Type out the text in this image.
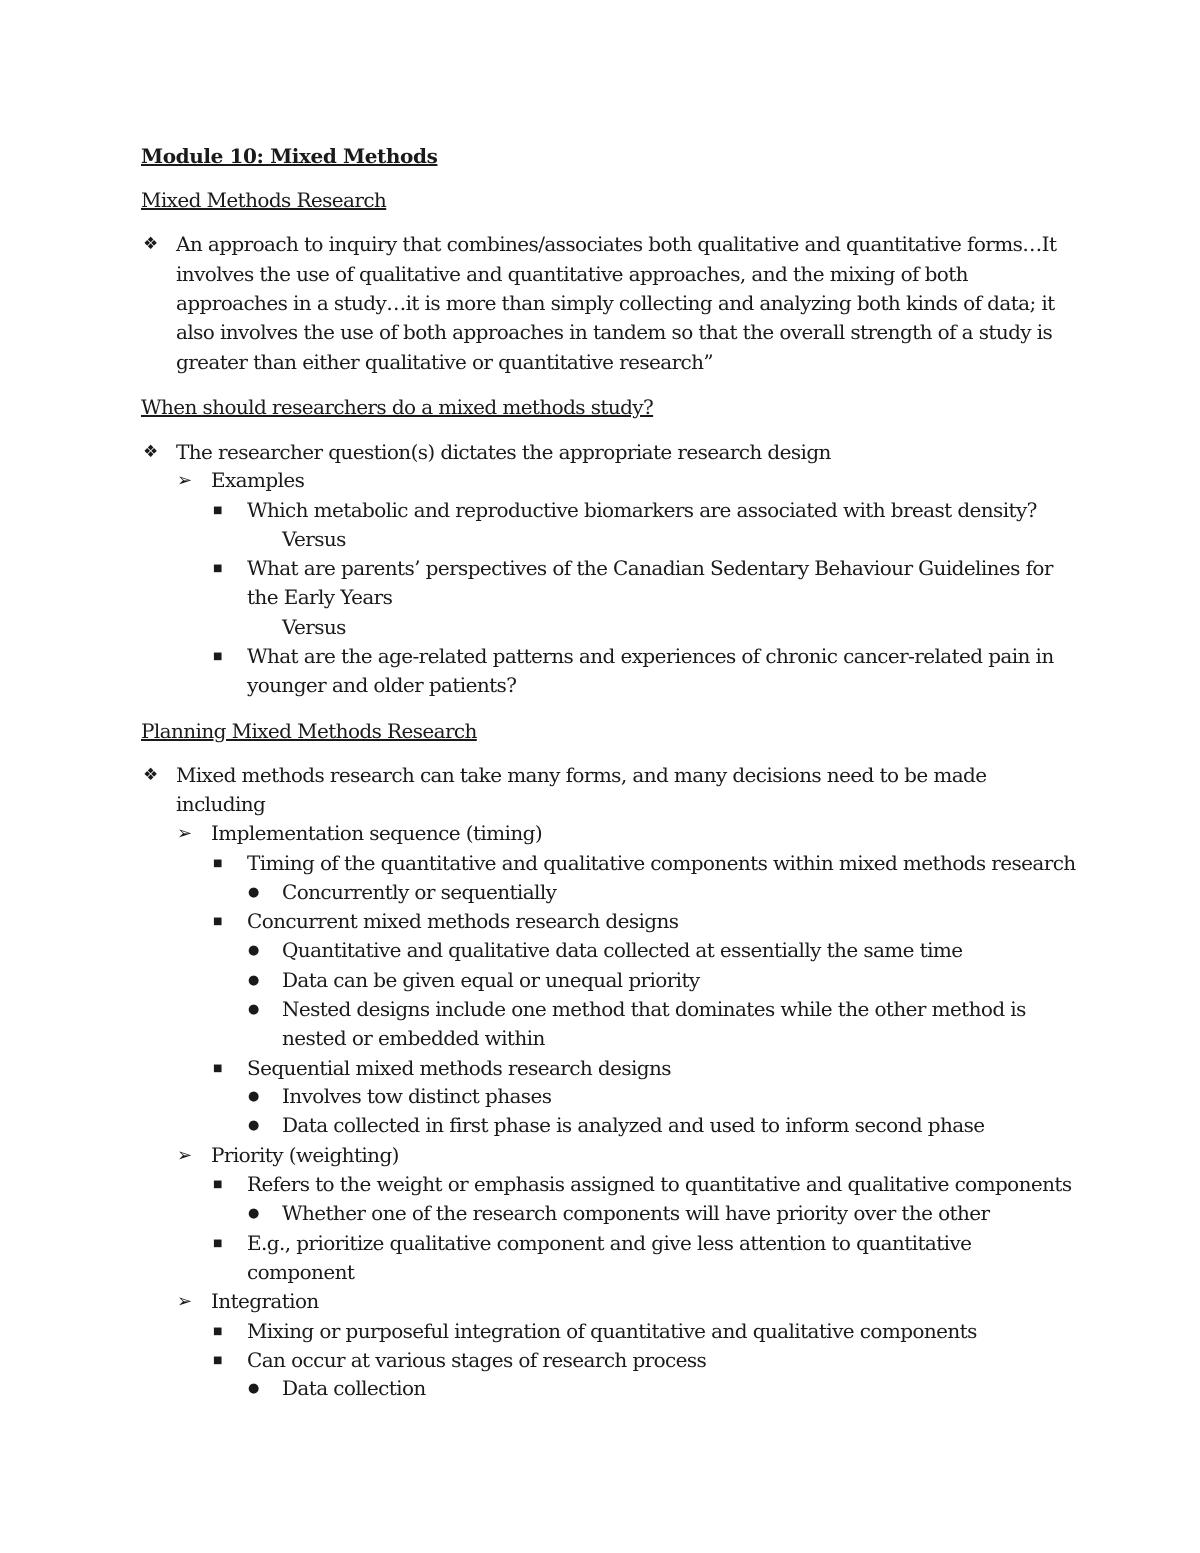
Module 10: Mixed Methods
Mixed Methods Research
❖ An approach to inquiry that combines/associates both qualitative and quantitative forms…It
involves the use of qualitative and quantitative approaches, and the mixing of both
approaches in a study…it is more than simply collecting and analyzing both kinds of data; it
also involves the use of both approaches in tandem so that the overall strength of a study is
greater than either qualitative or quantitative research”
When should researchers do a mixed methods study?
❖ The researcher question(s) dictates the appropriate research design
➢ Examples
■ Which metabolic and reproductive biomarkers are associated with breast density?
Versus
■ What are parents’ perspectives of the Canadian Sedentary Behaviour Guidelines for
the Early Years
Versus
■ What are the age-related patterns and experiences of chronic cancer-related pain in
younger and older patients?
Planning Mixed Methods Research
❖ Mixed methods research can take many forms, and many decisions need to be made
including
➢ Implementation sequence (timing)
■ Timing of the quantitative and qualitative components within mixed methods research
● Concurrently or sequentially
■ Concurrent mixed methods research designs
● Quantitative and qualitative data collected at essentially the same time
● Data can be given equal or unequal priority
● Nested designs include one method that dominates while the other method is
nested or embedded within
■ Sequential mixed methods research designs
● Involves tow distinct phases
● Data collected in first phase is analyzed and used to inform second phase
➢ Priority (weighting)
■ Refers to the weight or emphasis assigned to quantitative and qualitative components
● Whether one of the research components will have priority over the other
■ E.g., prioritize qualitative component and give less attention to quantitative
component
➢ Integration
■ Mixing or purposeful integration of quantitative and qualitative components
■ Can occur at various stages of research process
● Data collection
